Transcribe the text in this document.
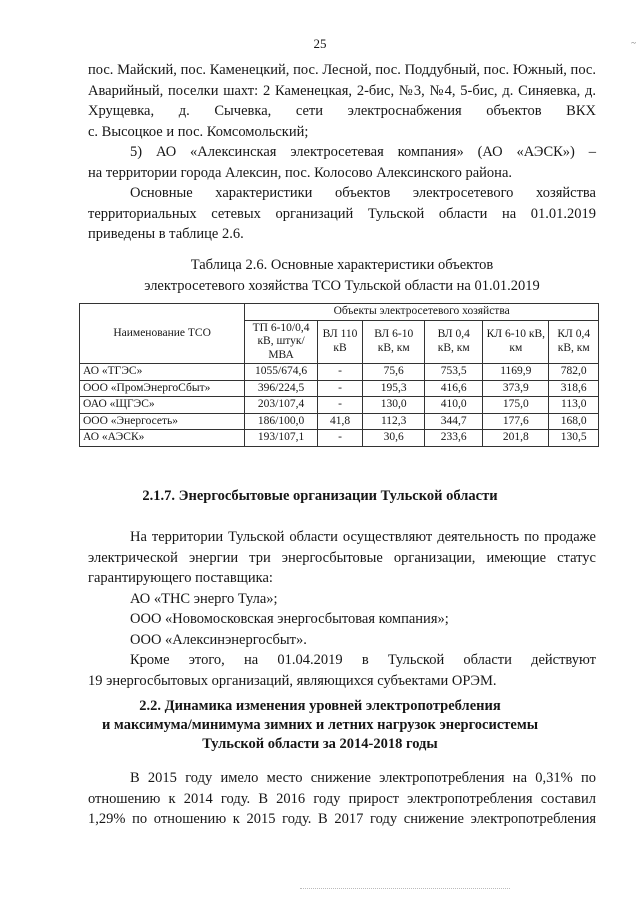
25	~

пос. Майский, пос. Каменецкий, пос. Лесной, пос. Поддубный, пос. Южный, пос. Аварийный, поселки шахт: 2 Каменецкая, 2-бис, №3, №4, 5-бис, д. Синяевка, д. Хрущевка, д. Сычевка, сети электроснабжения объектов ВКХ

с. Высоцкое и пос. Комсомольский;

5) АО «Алексинская электросетевая компания» (АО «АЭСК») –

на территории города Алексин, пос. Колосово Алексинского района.

Основные характеристики объектов электросетевого хозяйства территориальных сетевых организаций Тульской области на 01.01.2019

приведены в таблице 2.6.

Таблица 2.6. Основные характеристики объектов
электросетевого хозяйства ТСО Тульской области на 01.01.2019
Наименование ТСО	Объекты электросетевого хозяйства					
	ТП 6-10/0,4 кВ, штук/МВА	ВЛ 110 кВ	ВЛ 6-10 кВ, км	ВЛ 0,4 кВ, км	КЛ 6-10 кВ, км	КЛ 0,4 кВ, км
АО «ТГЭС»	1055/674,6	-	75,6	753,5	1169,9	782,0
ООО «ПромЭнергоСбыт»	396/224,5	-	195,3	416,6	373,9	318,6
ОАО «ЩГЭС»	203/107,4	-	130,0	410,0	175,0	113,0
ООО «Энергосеть»	186/100,0	41,8	112,3	344,7	177,6	168,0
АО «АЭСК»	193/107,1	-	30,6	233,6	201,8	130,5
2.1.7. Энергосбытовые организации Тульской области

На территории Тульской области осуществляют деятельность по продаже электрической энергии три энергосбытовые организации, имеющие статус гарантирующего поставщика:

АО «ТНС энерго Тула»;

ООО «Новомосковская энергосбытовая компания»;

ООО «Алексинэнергосбыт».

Кроме этого, на 01.04.2019 в Тульской области действуют

19 энергосбытовых организаций, являющихся субъектами ОРЭМ.

2.2. Динамика изменения уровней электропотребления
и максимума/минимума зимних и летних нагрузок энергосистемы
Тульской области за 2014-2018 годы

В 2015 году имело место снижение электропотребления на 0,31% по отношению к 2014 году. В 2016 году прирост электропотребления составил 1,29% по отношению к 2015 году. В 2017 году снижение электропотребления
